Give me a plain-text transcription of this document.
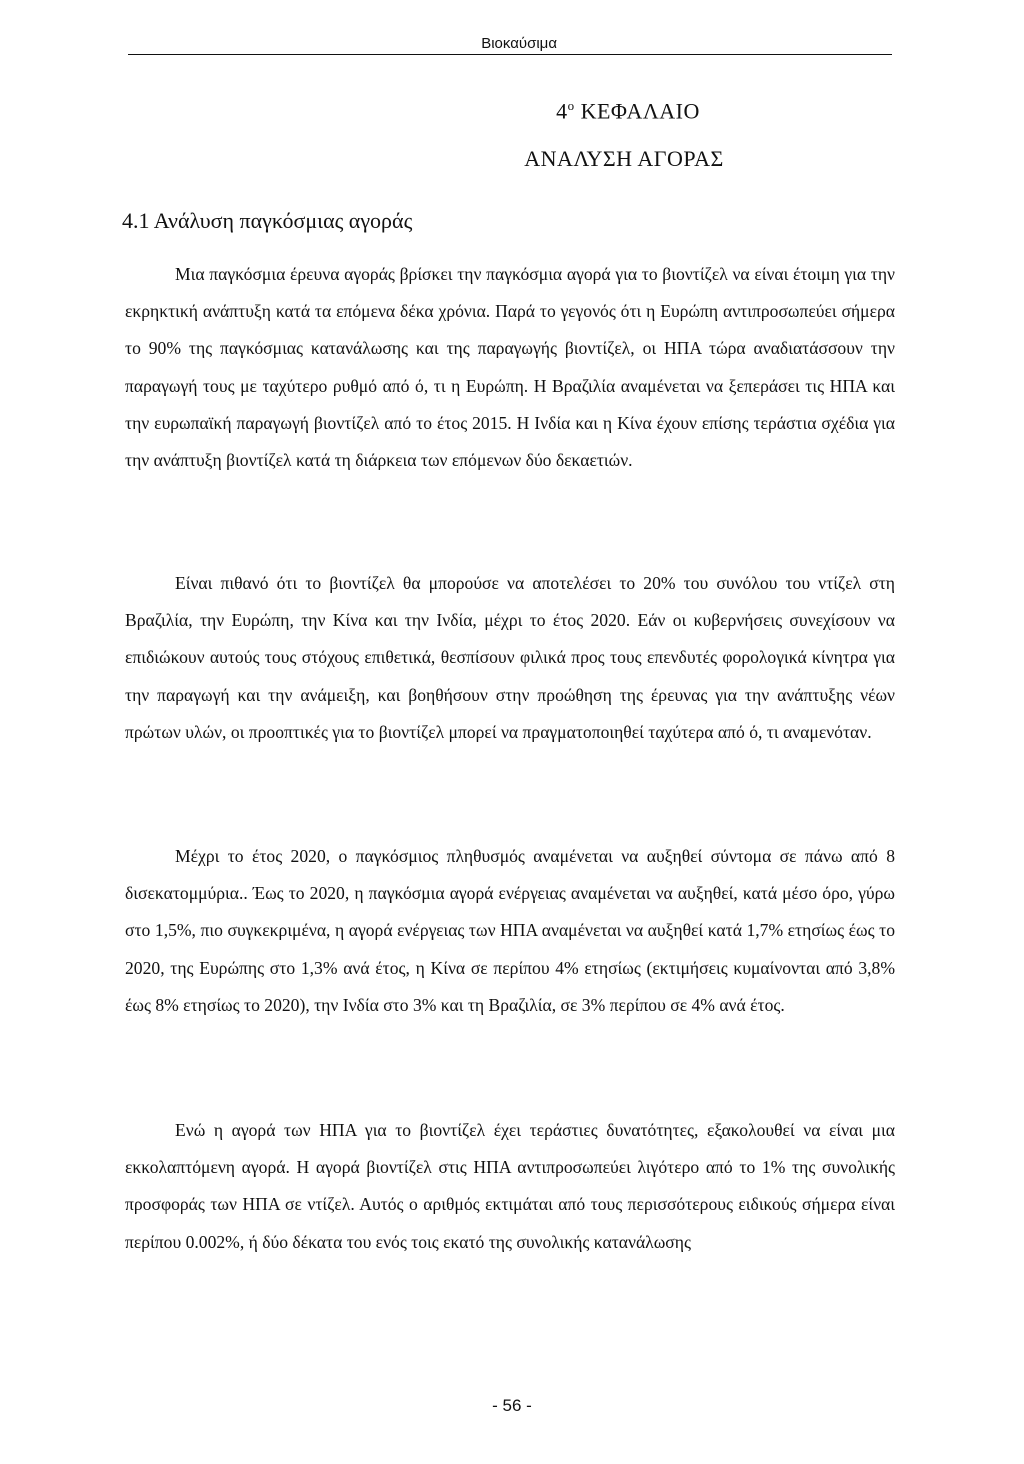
Βιοκαύσιμα
$4^o$ ΚΕΦΑΛΑΙΟ
ΑΝΑΛΥΣΗ ΑΓΟΡΑΣ
4.1 Ανάλυση παγκόσμιας αγοράς

Μια παγκόσμια έρευνα αγοράς βρίσκει την παγκόσμια αγορά για το βιοντίζελ να είναι έτοιμη για την εκρηκτική ανάπτυξη κατά τα επόμενα δέκα χρόνια. Παρά το γεγονός ότι η Ευρώπη αντιπροσωπεύει σήμερα το 90% της παγκόσμιας κατανάλωσης και της παραγωγής βιοντίζελ, οι ΗΠΑ τώρα αναδιατάσσουν την παραγωγή τους με ταχύτερο ρυθμό από ό, τι η Ευρώπη. Η Βραζιλία αναμένεται να ξεπεράσει τις ΗΠΑ και την ευρωπαϊκή παραγωγή βιοντίζελ από το έτος 2015. Η Ινδία και η Κίνα έχουν επίσης τεράστια σχέδια για την ανάπτυξη βιοντίζελ κατά τη διάρκεια των επόμενων δύο δεκαετιών.

Είναι πιθανό ότι το βιοντίζελ θα μπορούσε να αποτελέσει το 20% του συνόλου του ντίζελ στη Βραζιλία, την Ευρώπη, την Κίνα και την Ινδία, μέχρι το έτος 2020. Εάν οι κυβερνήσεις συνεχίσουν να επιδιώκουν αυτούς τους στόχους επιθετικά, θεσπίσουν φιλικά προς τους επενδυτές φορολογικά κίνητρα για την παραγωγή και την ανάμειξη, και βοηθήσουν στην προώθηση της έρευνας για την ανάπτυξης νέων πρώτων υλών, οι προοπτικές για το βιοντίζελ μπορεί να πραγματοποιηθεί ταχύτερα από ό, τι αναμενόταν.

Μέχρι το έτος 2020, ο παγκόσμιος πληθυσμός αναμένεται να αυξηθεί σύντομα σε πάνω από 8 δισεκατομμύρια.. Έως το 2020, η παγκόσμια αγορά ενέργειας αναμένεται να αυξηθεί, κατά μέσο όρο, γύρω στο 1,5%, πιο συγκεκριμένα, η αγορά ενέργειας των ΗΠΑ αναμένεται να αυξηθεί κατά 1,7% ετησίως έως το 2020, της Ευρώπης στο 1,3% ανά έτος, η Κίνα σε περίπου 4% ετησίως (εκτιμήσεις κυμαίνονται από 3,8% έως 8% ετησίως το 2020), την Ινδία στο 3% και τη Βραζιλία, σε 3% περίπου σε 4% ανά έτος.

Ενώ η αγορά των ΗΠΑ για το βιοντίζελ έχει τεράστιες δυνατότητες, εξακολουθεί να είναι μια εκκολαπτόμενη αγορά. Η αγορά βιοντίζελ στις ΗΠΑ αντιπροσωπεύει λιγότερο από το 1% της συνολικής προσφοράς των ΗΠΑ σε ντίζελ. Αυτός ο αριθμός εκτιμάται από τους περισσότερους ειδικούς σήμερα είναι περίπου 0.002%, ή δύο δέκατα του ενός τοις εκατό της συνολικής κατανάλωσης

- 56 -
